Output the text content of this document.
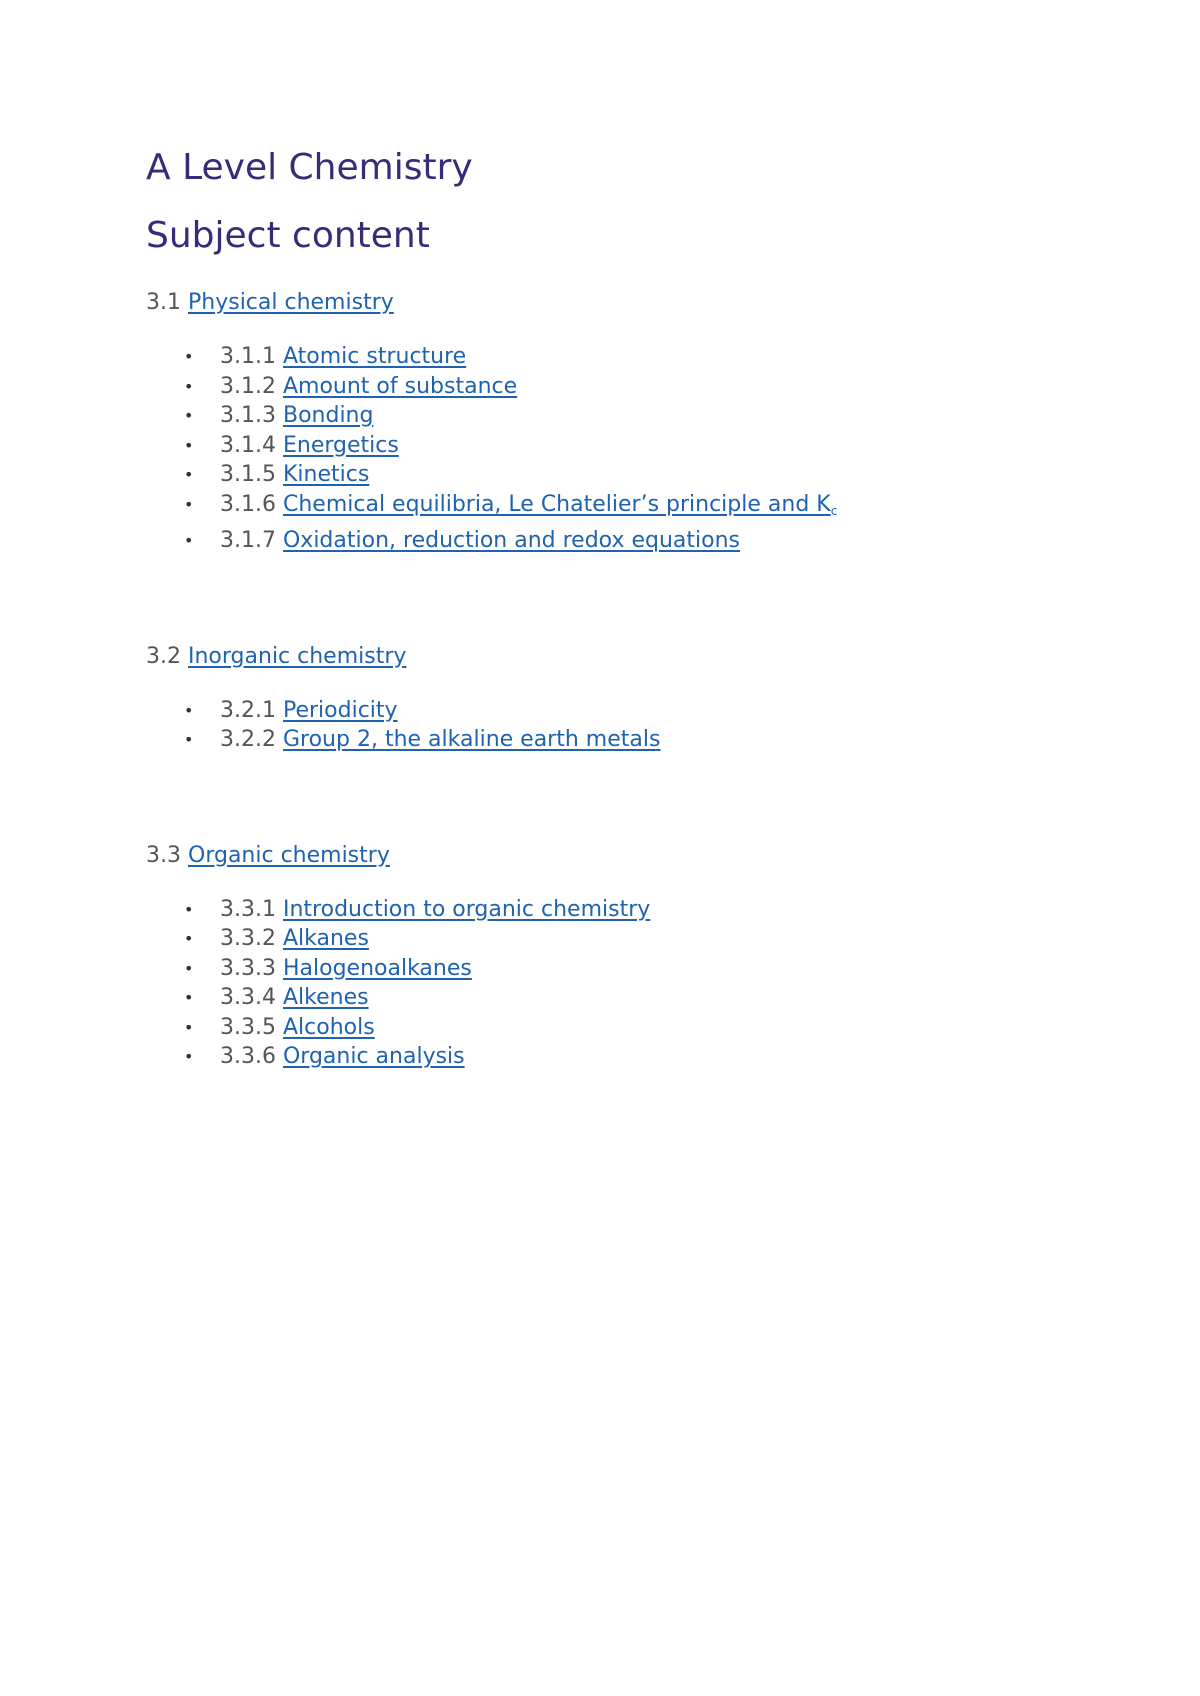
A Level Chemistry
Subject content
3.1 Physical chemistry
•	3.1.1 Atomic structure
•	3.1.2 Amount of substance
•	3.1.3 Bonding
•	3.1.4 Energetics
•	3.1.5 Kinetics
•	3.1.6 Chemical equilibria, Le Chatelier’s principle and Kc
•	3.1.7 Oxidation, reduction and redox equations
3.2 Inorganic chemistry
•	3.2.1 Periodicity
•	3.2.2 Group 2, the alkaline earth metals
3.3 Organic chemistry
•	3.3.1 Introduction to organic chemistry
•	3.3.2 Alkanes
•	3.3.3 Halogenoalkanes
•	3.3.4 Alkenes
•	3.3.5 Alcohols
•	3.3.6 Organic analysis
